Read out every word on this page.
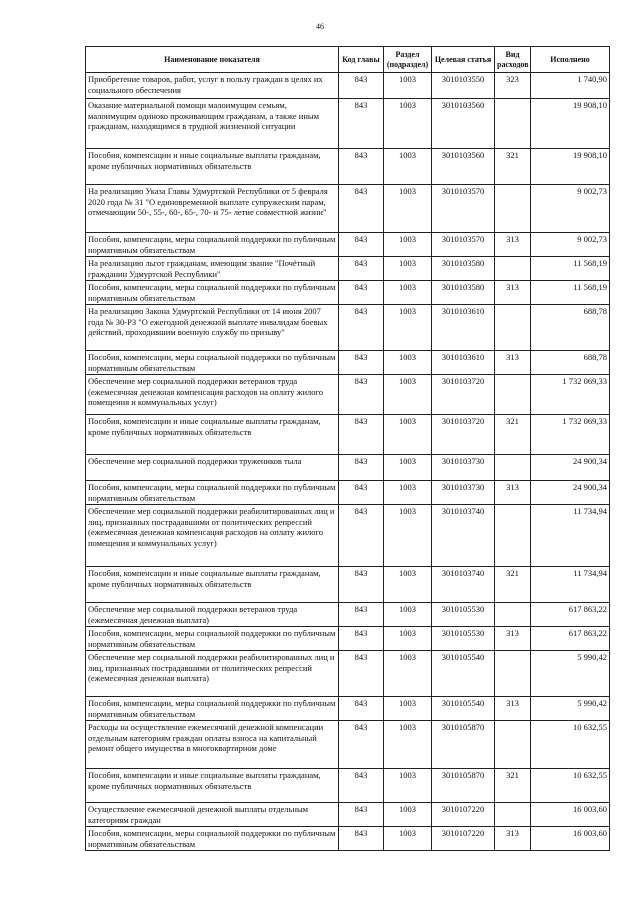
46
Наименование показателя	Код главы	Раздел (подраздел)	Целевая статья	Вид расходов	Исполнено
Приобретение товаров, работ, услуг в пользу граждан в целях их социального обеспечения	843	1003	3010103550	323	1 740,90
Оказание материальной помощи малоимущим семьям, малоимущим одиноко проживающим гражданам, а также иным гражданам, находящимся в трудной жизненной ситуации	843	1003	3010103560		19 908,10
Пособия, компенсации и иные социальные выплаты гражданам, кроме публичных нормативных обязательств	843	1003	3010103560	321	19 908,10
На реализацию Указа Главы Удмуртской Республики от 5 февраля 2020 года № 31 "О единовременной выплате супружеским парам, отмечающим 50-, 55-, 60-, 65-, 70- и 75- летие совместной жизни"	843	1003	3010103570		9 002,73
Пособия, компенсации, меры социальной поддержки по публичным нормативным обязательствам	843	1003	3010103570	313	9 002,73
На реализацию льгот гражданам, имеющим звание "Почётный гражданин Удмуртской Республики"	843	1003	3010103580		11 568,19
Пособия, компенсации, меры социальной поддержки по публичным нормативным обязательствам	843	1003	3010103580	313	11 568,19
На реализацию Закона Удмуртской Республики от 14 июня 2007 года № 30-РЗ "О ежегодной денежной выплате инвалидам боевых действий, проходившим военную службу по призыву"	843	1003	3010103610		688,78
Пособия, компенсации, меры социальной поддержки по публичным нормативным обязательствам	843	1003	3010103610	313	688,78
Обеспечение мер социальной поддержки ветеранов труда (ежемесячная денежная компенсация расходов на оплату жилого помещения и коммунальных услуг)	843	1003	3010103720		1 732 069,33
Пособия, компенсации и иные социальные выплаты гражданам, кроме публичных нормативных обязательств	843	1003	3010103720	321	1 732 069,33
Обеспечение мер социальной поддержки тружеников тыла	843	1003	3010103730		24 900,34
Пособия, компенсации, меры социальной поддержки по публичным нормативным обязательствам	843	1003	3010103730	313	24 900,34
Обеспечение мер социальной поддержки реабилитированных лиц и лиц, признанных пострадавшими от политических репрессий (ежемесячная денежная компенсация расходов на оплату жилого помещения и коммунальных услуг)	843	1003	3010103740		11 734,94
Пособия, компенсации и иные социальные выплаты гражданам, кроме публичных нормативных обязательств	843	1003	3010103740	321	11 734,94
Обеспечение мер социальной поддержки ветеранов труда (ежемесячная денежная выплата)	843	1003	3010105530		617 863,22
Пособия, компенсации, меры социальной поддержки по публичным нормативным обязательствам	843	1003	3010105530	313	617 863,22
Обеспечение мер социальной поддержки реабилитированных лиц и лиц, признанных пострадавшими от политических репрессий (ежемесячная денежная выплата)	843	1003	3010105540		5 990,42
Пособия, компенсации, меры социальной поддержки по публичным нормативным обязательствам	843	1003	3010105540	313	5 990,42
Расходы на осуществление ежемесячной денежной компенсации отдельным категориям граждан оплаты взноса на капитальный ремонт общего имущества в многоквартирном доме	843	1003	3010105870		10 632,55
Пособия, компенсации и иные социальные выплаты гражданам, кроме публичных нормативных обязательств	843	1003	3010105870	321	10 632,55
Осуществление ежемесячной денежной выплаты отдельным категориям граждан	843	1003	3010107220		16 003,60
Пособия, компенсации, меры социальной поддержки по публичным нормативным обязательствам	843	1003	3010107220	313	16 003,60
